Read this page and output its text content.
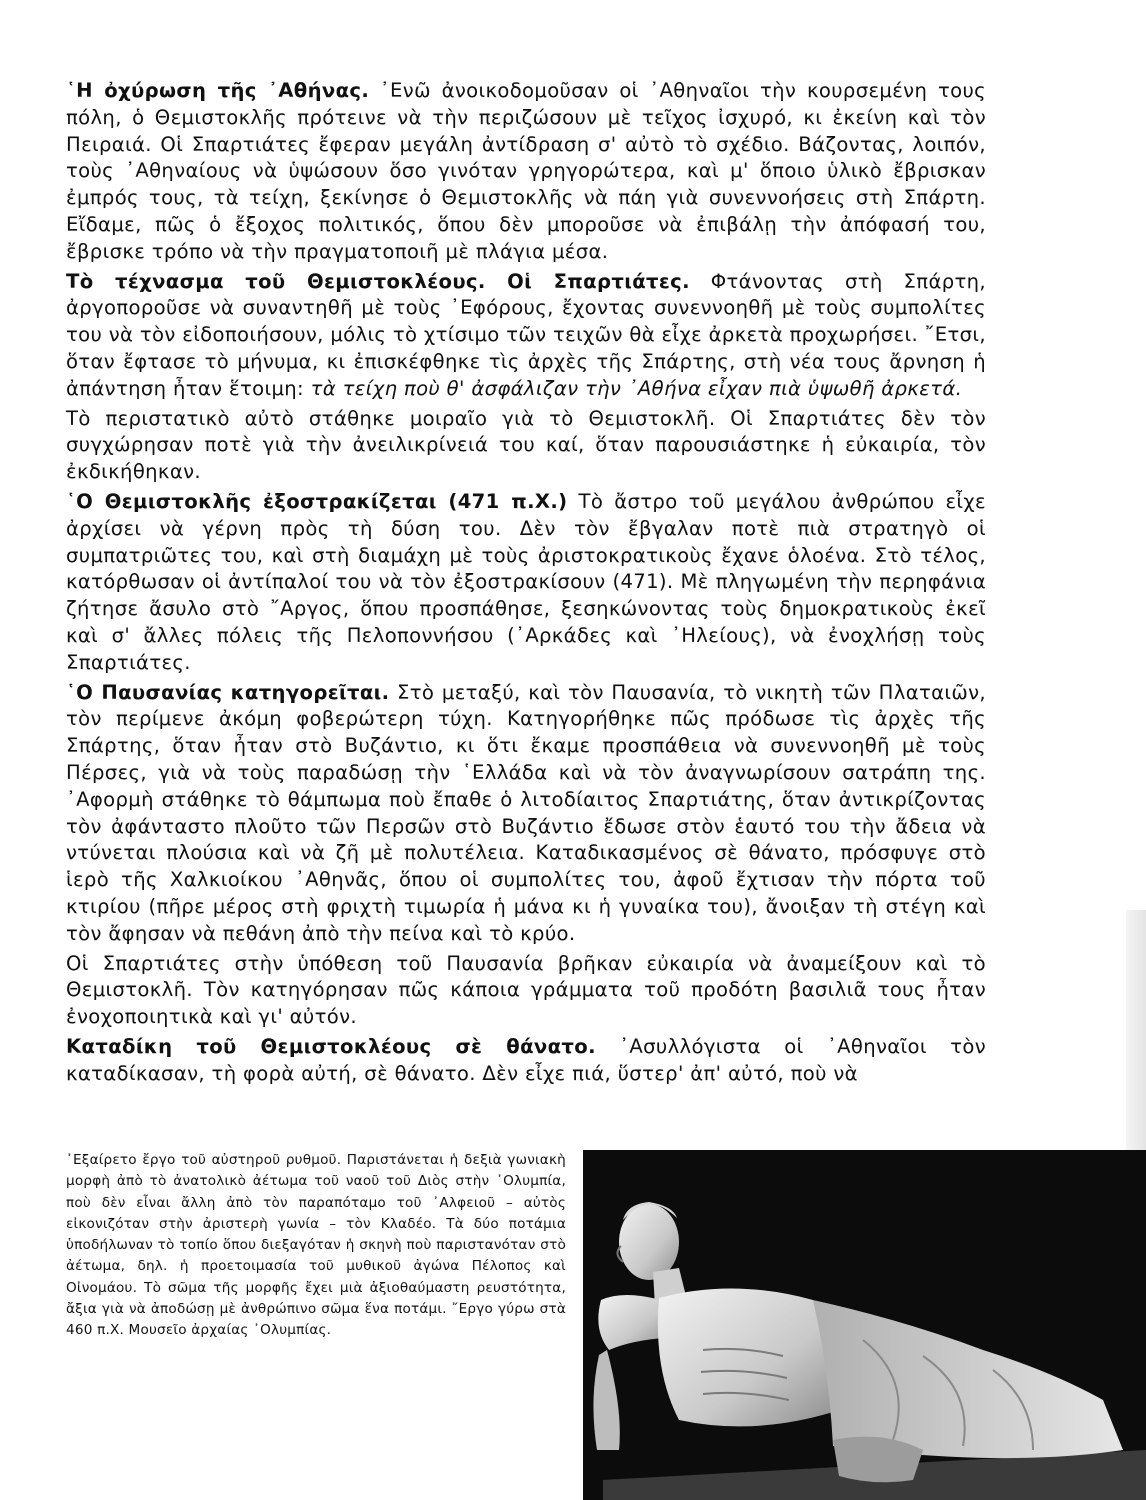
῾Η ὀχύρωση τῆς ᾿Αθήνας. ᾿Ενῶ ἀνοικοδομοῦσαν οἱ ᾿Αθηναῖοι τὴν κουρσεμένη τους πόλη, ὁ Θεμιστοκλῆς πρότεινε νὰ τὴν περιζώσουν μὲ τεῖχος ἰσχυρό, κι ἐκείνη καὶ τὸν Πειραιά. Οἱ Σπαρτιάτες ἔφεραν μεγάλη ἀντίδραση σ' αὐτὸ τὸ σχέδιο. Βάζοντας, λοιπόν, τοὺς ᾿Αθηναίους νὰ ὑψώσουν ὅσο γινόταν γρηγορώτερα, καὶ μ' ὅποιο ὑλικὸ ἔβρισκαν ἐμπρός τους, τὰ τείχη, ξεκίνησε ὁ Θεμιστοκλῆς νὰ πάη γιὰ συνεννοήσεις στὴ Σπάρτη. Εἴδαμε, πῶς ὁ ἔξοχος πολιτικός, ὅπου δὲν μποροῦσε νὰ ἐπιβάλῃ τὴν ἀπόφασή του, ἔβρισκε τρόπο νὰ τὴν πραγματοποιῆ μὲ πλάγια μέσα.

Τὸ τέχνασμα τοῦ Θεμιστοκλέους. Οἱ Σπαρτιάτες. Φτάνοντας στὴ Σπάρτη, ἀργοποροῦσε νὰ συναντηθῆ μὲ τοὺς ᾿Εφόρους, ἔχοντας συνεννοηθῆ μὲ τοὺς συμπολίτες του νὰ τὸν εἰδοποιήσουν, μόλις τὸ χτίσιμο τῶν τειχῶν θὰ εἶχε ἀρκετὰ προχωρήσει. ῎Ετσι, ὅταν ἔφτασε τὸ μήνυμα, κι ἐπισκέφθηκε τὶς ἀρχὲς τῆς Σπάρτης, στὴ νέα τους ἄρνηση ἡ ἀπάντηση ἦταν ἕτοιμη: τὰ τείχη ποὺ θ' ἀσφάλιζαν τὴν ᾿Αθήνα εἶχαν πιὰ ὑψωθῆ ἀρκετά.

Τὸ περιστατικὸ αὐτὸ στάθηκε μοιραῖο γιὰ τὸ Θεμιστοκλῆ. Οἱ Σπαρτιάτες δὲν τὸν συγχώρησαν ποτὲ γιὰ τὴν ἀνειλικρίνειά του καί, ὅταν παρουσιάστηκε ἡ εὐκαιρία, τὸν ἐκδικήθηκαν.

῾Ο Θεμιστοκλῆς ἐξοστρακίζεται (471 π.Χ.) Τὸ ἄστρο τοῦ μεγάλου ἀνθρώπου εἶχε ἀρχίσει νὰ γέρνη πρὸς τὴ δύση του. Δὲν τὸν ἔβγαλαν ποτὲ πιὰ στρατηγὸ οἱ συμπατριῶτες του, καὶ στὴ διαμάχη μὲ τοὺς ἀριστοκρατικοὺς ἔχανε ὁλοένα. Στὸ τέλος, κατόρθωσαν οἱ ἀντίπαλοί του νὰ τὸν ἐξοστρακίσουν (471). Μὲ πληγωμένη τὴν περηφάνια ζήτησε ἄσυλο στὸ ῎Αργος, ὅπου προσπάθησε, ξεσηκώνοντας τοὺς δημοκρατικοὺς ἐκεῖ καὶ σ' ἄλλες πόλεις τῆς Πελοποννήσου (᾿Αρκάδες καὶ ᾿Ηλείους), νὰ ἐνοχλήσῃ τοὺς Σπαρτιάτες.

῾Ο Παυσανίας κατηγορεῖται. Στὸ μεταξύ, καὶ τὸν Παυσανία, τὸ νικητὴ τῶν Πλαταιῶν, τὸν περίμενε ἀκόμη φοβερώτερη τύχη. Κατηγορήθηκε πῶς πρόδωσε τὶς ἀρχὲς τῆς Σπάρτης, ὅταν ἦταν στὸ Βυζάντιο, κι ὅτι ἔκαμε προσπάθεια νὰ συνεννοηθῆ μὲ τοὺς Πέρσες, γιὰ νὰ τοὺς παραδώσῃ τὴν ῾Ελλάδα καὶ νὰ τὸν ἀναγνωρίσουν σατράπη της. ᾿Αφορμὴ στάθηκε τὸ θάμπωμα ποὺ ἔπαθε ὁ λιτοδίαιτος Σπαρτιάτης, ὅταν ἀντικρίζοντας τὸν ἀφάνταστο πλοῦτο τῶν Περσῶν στὸ Βυζάντιο ἔδωσε στὸν ἑαυτό του τὴν ἄδεια νὰ ντύνεται πλούσια καὶ νὰ ζῆ μὲ πολυτέλεια. Καταδικασμένος σὲ θάνατο, πρόσφυγε στὸ ἱερὸ τῆς Χαλκιοίκου ᾿Αθηνᾶς, ὅπου οἱ συμπολίτες του, ἀφοῦ ἔχτισαν τὴν πόρτα τοῦ κτιρίου (πῆρε μέρος στὴ φριχτὴ τιμωρία ἡ μάνα κι ἡ γυναίκα του), ἄνοιξαν τὴ στέγη καὶ τὸν ἄφησαν νὰ πεθάνη ἀπὸ τὴν πείνα καὶ τὸ κρύο.

Οἱ Σπαρτιάτες στὴν ὑπόθεση τοῦ Παυσανία βρῆκαν εὐκαιρία νὰ ἀναμείξουν καὶ τὸ Θεμιστοκλῆ. Τὸν κατηγόρησαν πῶς κάποια γράμματα τοῦ προδότη βασιλιᾶ τους ἦταν ἐνοχοποιητικὰ καὶ γι' αὐτόν.

Καταδίκη τοῦ Θεμιστοκλέους σὲ θάνατο. ᾿Ασυλλόγιστα οἱ ᾿Αθηναῖοι τὸν καταδίκασαν, τὴ φορὰ αὐτή, σὲ θάνατο. Δὲν εἶχε πιά, ὕστερ' ἀπ' αὐτό, ποὺ νὰ

᾿Εξαίρετο ἔργο τοῦ αὐστηροῦ ρυθμοῦ. Παριστάνεται ἡ δεξιὰ γωνιακὴ μορφὴ ἀπὸ τὸ ἀνατολικὸ ἀέτωμα τοῦ ναοῦ τοῦ Διὸς στὴν ᾿Ολυμπία, ποὺ δὲν εἶναι ἄλλη ἀπὸ τὸν παραπόταμο τοῦ ᾿Αλφειοῦ – αὐτὸς εἰκονιζόταν στὴν ἀριστερὴ γωνία – τὸν Κλαδέο. Τὰ δύο ποτάμια ὑποδήλωναν τὸ τοπίο ὅπου διεξαγόταν ἡ σκηνὴ ποὺ παριστανόταν στὸ ἀέτωμα, δηλ. ἡ προετοιμασία τοῦ μυθικοῦ ἀγώνα Πέλοπος καὶ Οἰνομάου. Τὸ σῶμα τῆς μορφῆς ἔχει μιὰ ἀξιοθαύμαστη ρευστότητα, ἄξια γιὰ νὰ ἀποδώσῃ μὲ ἀνθρώπινο σῶμα ἕνα ποτάμι. ῎Εργο γύρω στὰ 460 π.Χ. Μουσεῖο ἀρχαίας ᾿Ολυμπίας.
